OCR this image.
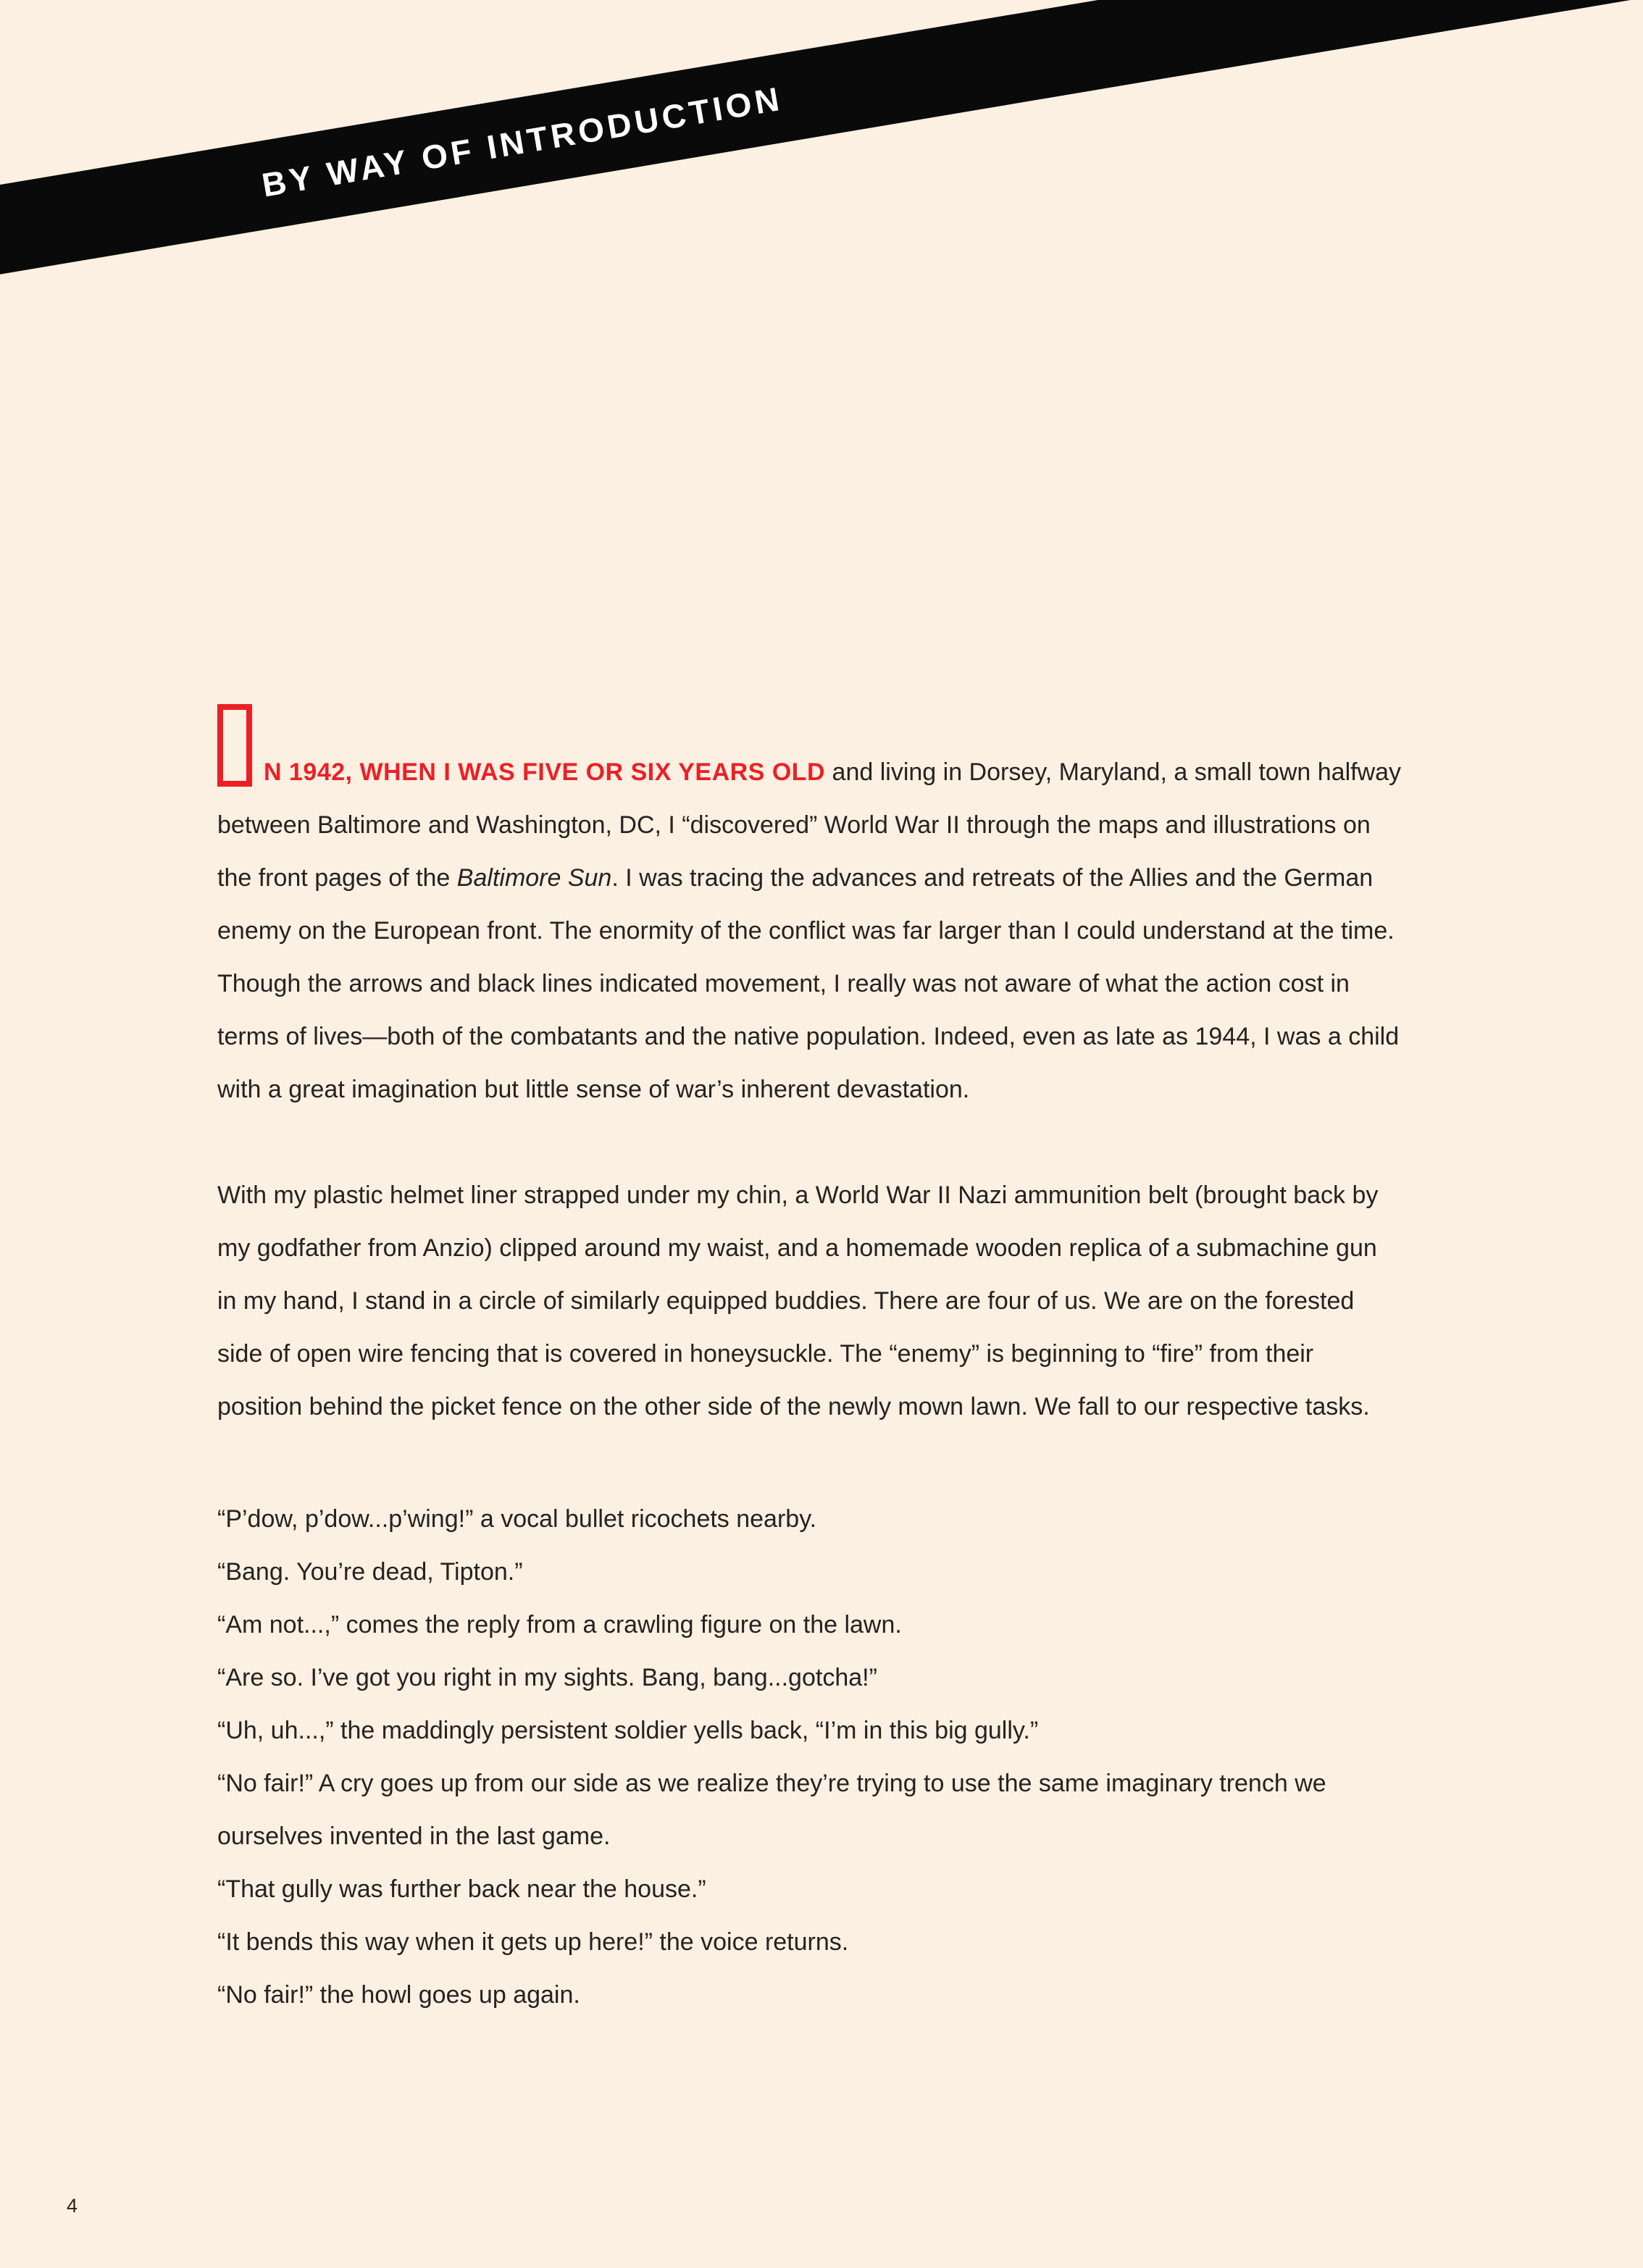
BY WAY OF INTRODUCTION

N 1942, WHEN I WAS FIVE OR SIX YEARS OLD and living in Dorsey, Maryland, a small town halfway between Baltimore and Washington, DC, I “discovered” World War II through the maps and illustrations on the front pages of the Baltimore Sun. I was tracing the advances and retreats of the Allies and the German enemy on the European front. The enormity of the conflict was far larger than I could understand at the time. Though the arrows and black lines indicated movement, I really was not aware of what the action cost in terms of lives—both of the combatants and the native population. Indeed, even as late as 1944, I was a child with a great imagination but little sense of war’s inherent devastation.

With my plastic helmet liner strapped under my chin, a World War II Nazi ammunition belt (brought back by my godfather from Anzio) clipped around my waist, and a homemade wooden replica of a submachine gun in my hand, I stand in a circle of similarly equipped buddies. There are four of us. We are on the forested side of open wire fencing that is covered in honeysuckle. The “enemy” is beginning to “fire” from their position behind the picket fence on the other side of the newly mown lawn. We fall to our respective tasks.

“P’dow, p’dow...p’wing!” a vocal bullet ricochets nearby.

“Bang. You’re dead, Tipton.”

“Am not...,” comes the reply from a crawling figure on the lawn.

“Are so. I’ve got you right in my sights. Bang, bang...gotcha!”

“Uh, uh...,” the maddingly persistent soldier yells back, “I’m in this big gully.”

“No fair!” A cry goes up from our side as we realize they’re trying to use the same imaginary trench we ourselves invented in the last game.

“That gully was further back near the house.”

“It bends this way when it gets up here!” the voice returns.

“No fair!” the howl goes up again.

4
